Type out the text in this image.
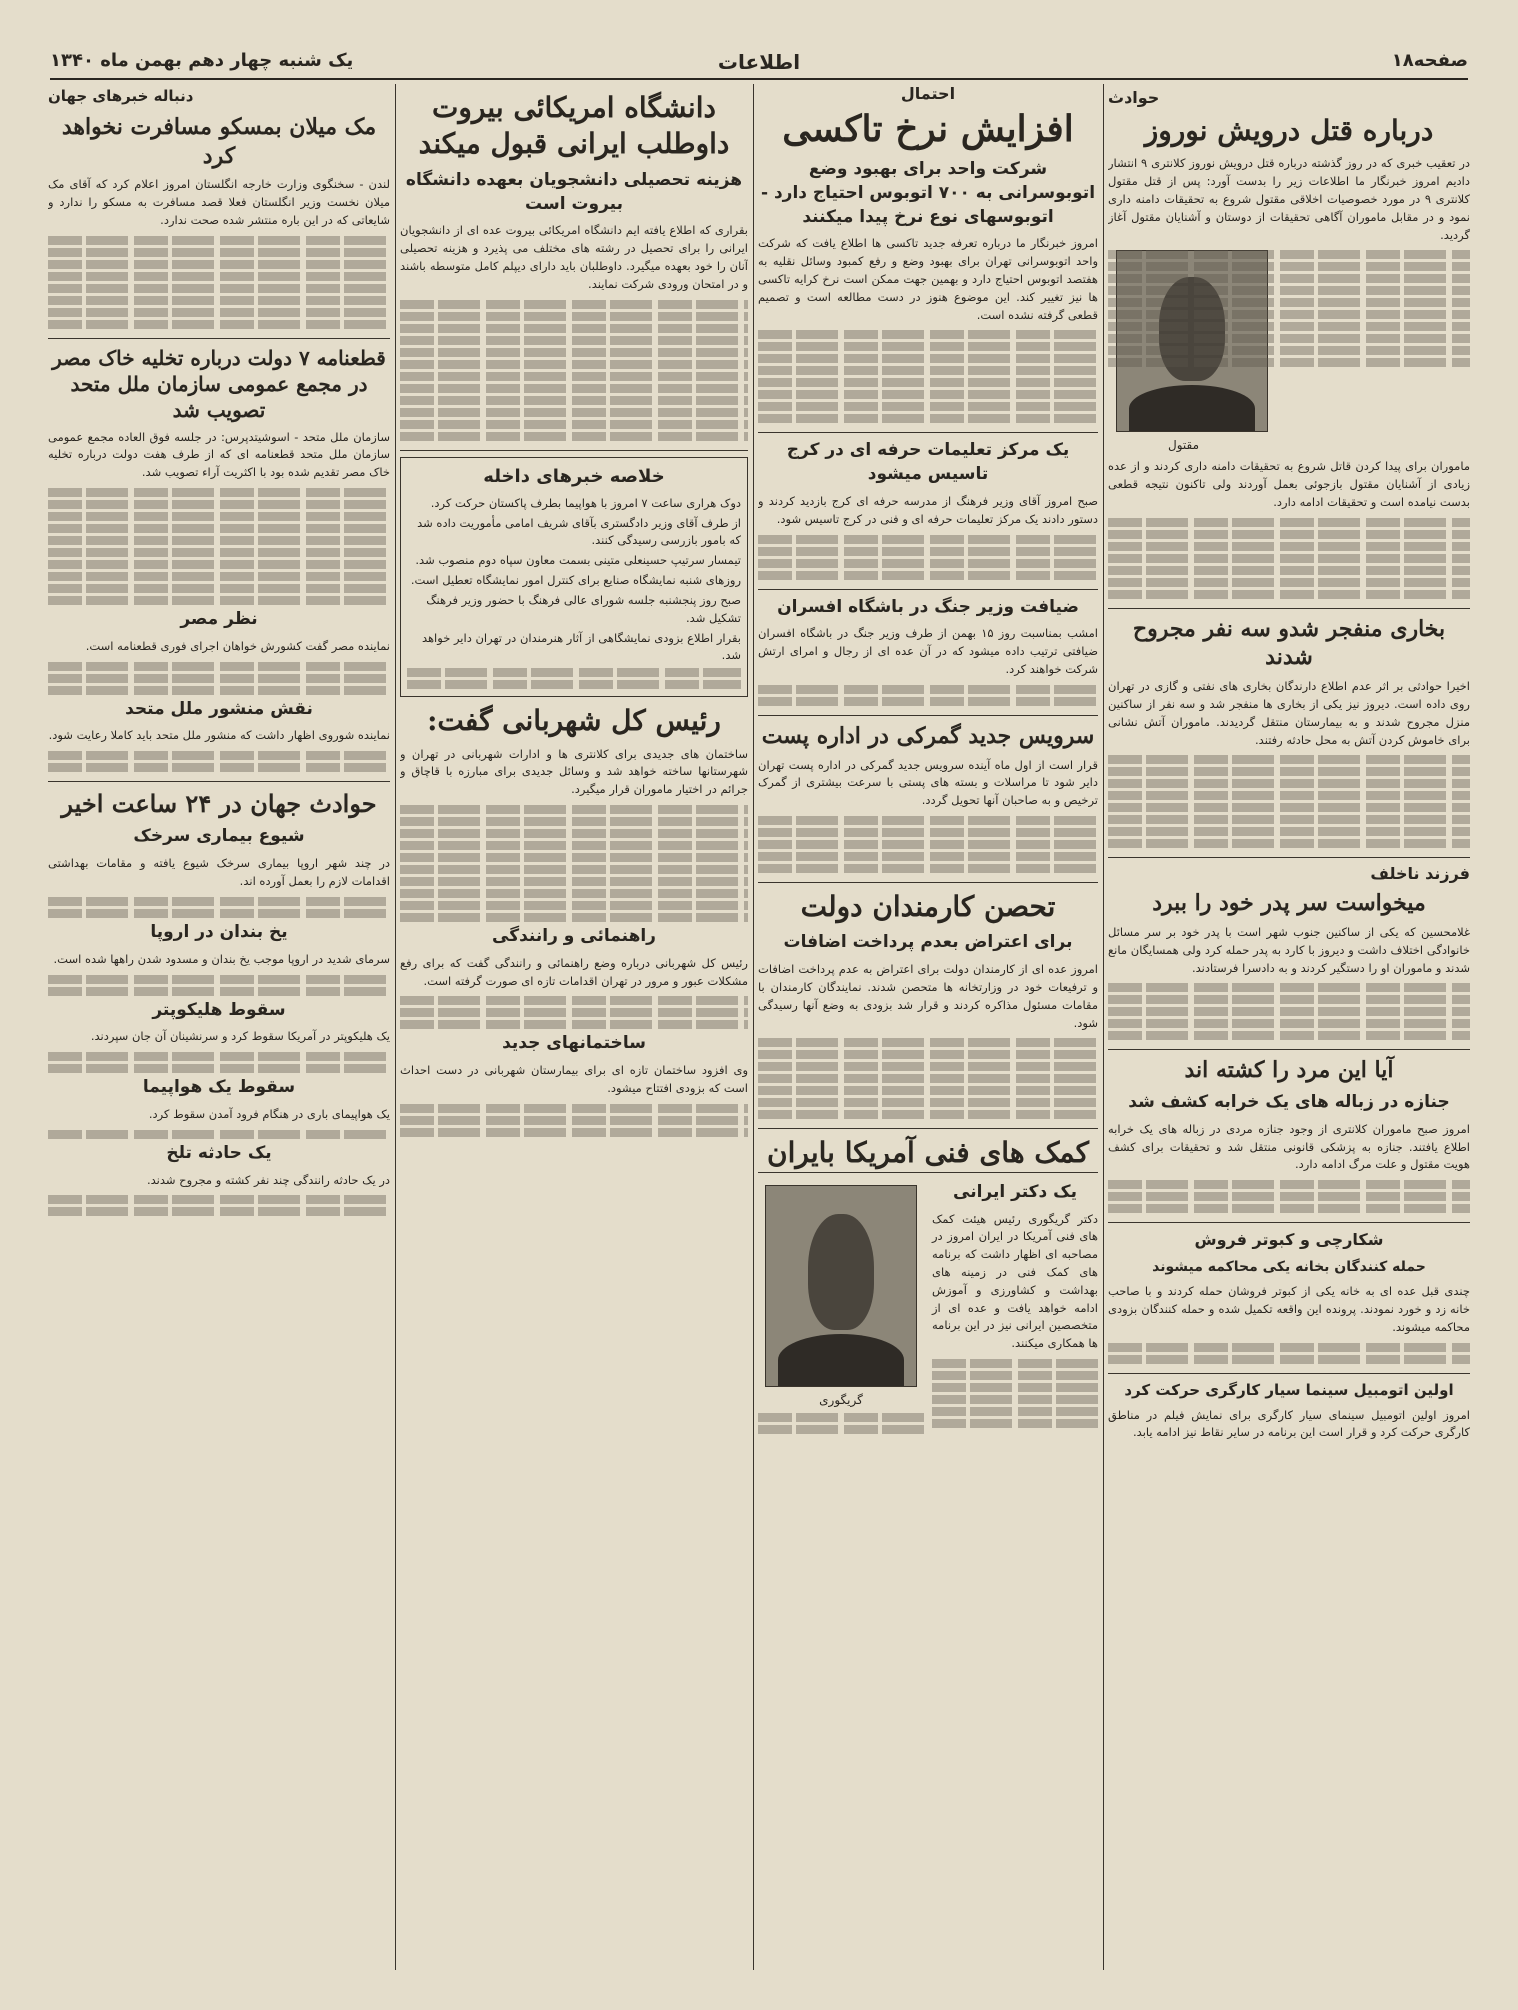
صفحه۱۸
اطلاعات
یک شنبه چهار دهم بهمن ماه ۱۳۴۰
حوادث
درباره قتل درویش نوروز

در تعقیب خبری که در روز گذشته درباره قتل درویش نوروز کلانتری ۹ انتشار دادیم امروز خبرنگار ما اطلاعات زیر را بدست آورد: پس از قتل مقتول کلانتری ۹ در مورد خصوصیات اخلاقی مقتول شروع به تحقیقات دامنه داری نمود و در مقابل ماموران آگاهی تحقیقات از دوستان و آشنایان مقتول آغاز گردید.

مقتول

ماموران برای پیدا کردن قاتل شروع به تحقیقات دامنه داری کردند و از عده زیادی از آشنایان مقتول بازجوئی بعمل آوردند ولی تاکنون نتیجه قطعی بدست نیامده است و تحقیقات ادامه دارد.

بخاری منفجر شدو سه نفر مجروح شدند

اخیرا حوادثی بر اثر عدم اطلاع دارندگان بخاری های نفتی و گازی در تهران روی داده است. دیروز نیز یکی از بخاری ها منفجر شد و سه نفر از ساکنین منزل مجروح شدند و به بیمارستان منتقل گردیدند. ماموران آتش نشانی برای خاموش کردن آتش به محل حادثه رفتند.

فرزند ناخلف
میخواست سر پدر خود را ببرد

غلامحسین که یکی از ساکنین جنوب شهر است با پدر خود بر سر مسائل خانوادگی اختلاف داشت و دیروز با کارد به پدر حمله کرد ولی همسایگان مانع شدند و ماموران او را دستگیر کردند و به دادسرا فرستادند.

آیا این مرد را کشته اند
جنازه در زباله های یک خرابه کشف شد

امروز صبح ماموران کلانتری از وجود جنازه مردی در زباله های یک خرابه اطلاع یافتند. جنازه به پزشکی قانونی منتقل شد و تحقیقات برای کشف هویت مقتول و علت مرگ ادامه دارد.

شکارچی و کبوتر فروش
حمله کنندگان بخانه یکی محاکمه میشوند

چندی قبل عده ای به خانه یکی از کبوتر فروشان حمله کردند و با صاحب خانه زد و خورد نمودند. پرونده این واقعه تکمیل شده و حمله کنندگان بزودی محاکمه میشوند.

اولین اتومبیل سینما سیار کارگری حرکت کرد

امروز اولین اتومبیل سینمای سیار کارگری برای نمایش فیلم در مناطق کارگری حرکت کرد و قرار است این برنامه در سایر نقاط نیز ادامه یابد.

احتمال
افزایش نرخ تاکسی
شرکت واحد برای بهبود وضع اتوبوسرانی به ۷۰۰ اتوبوس احتیاج دارد - اتوبوسهای نوع نرخ پیدا میکنند

امروز خبرنگار ما درباره تعرفه جدید تاکسی ها اطلاع یافت که شرکت واحد اتوبوسرانی تهران برای بهبود وضع و رفع کمبود وسائل نقلیه به هفتصد اتوبوس احتیاج دارد و بهمین جهت ممکن است نرخ کرایه تاکسی ها نیز تغییر کند. این موضوع هنوز در دست مطالعه است و تصمیم قطعی گرفته نشده است.

یک مرکز تعلیمات حرفه ای در کرج تاسیس میشود

صبح امروز آقای وزیر فرهنگ از مدرسه حرفه ای کرج بازدید کردند و دستور دادند یک مرکز تعلیمات حرفه ای و فنی در کرج تاسیس شود.

ضیافت وزیر جنگ در باشگاه افسران

امشب بمناسبت روز ۱۵ بهمن از طرف وزیر جنگ در باشگاه افسران ضیافتی ترتیب داده میشود که در آن عده ای از رجال و امرای ارتش شرکت خواهند کرد.

سرویس جدید گمرکی در اداره پست

قرار است از اول ماه آینده سرویس جدید گمرکی در اداره پست تهران دایر شود تا مراسلات و بسته های پستی با سرعت بیشتری از گمرک ترخیص و به صاحبان آنها تحویل گردد.

تحصن کارمندان دولت
برای اعتراض بعدم پرداخت اضافات

امروز عده ای از کارمندان دولت برای اعتراض به عدم پرداخت اضافات و ترفیعات خود در وزارتخانه ها متحصن شدند. نمایندگان کارمندان با مقامات مسئول مذاکره کردند و قرار شد بزودی به وضع آنها رسیدگی شود.

کمک های فنی آمریکا بایران
یک دکتر ایرانی

دکتر گریگوری رئیس هیئت کمک های فنی آمریکا در ایران امروز در مصاحبه ای اظهار داشت که برنامه های کمک فنی در زمینه های بهداشت و کشاورزی و آموزش ادامه خواهد یافت و عده ای از متخصصین ایرانی نیز در این برنامه ها همکاری میکنند.

گریگوری
دانشگاه امریکائی بیروت داوطلب ایرانی قبول میکند
هزینه تحصیلی دانشجویان بعهده دانشگاه بیروت است

بقراری که اطلاع یافته ایم دانشگاه امریکائی بیروت عده ای از دانشجویان ایرانی را برای تحصیل در رشته های مختلف می پذیرد و هزینه تحصیلی آنان را خود بعهده میگیرد. داوطلبان باید دارای دیپلم کامل متوسطه باشند و در امتحان ورودی شرکت نمایند.

خلاصه خبرهای داخله
دوک هراری ساعت ۷ امروز با هواپیما بطرف پاکستان حرکت کرد.
از طرف آقای وزیر دادگستری بآقای شریف امامی مأموریت داده شد که بامور بازرسی رسیدگی کنند.
تیمسار سرتیپ حسینعلی متینی بسمت معاون سپاه دوم منصوب شد.
روزهای شنبه نمایشگاه صنایع برای کنترل امور نمایشگاه تعطیل است.
صبح روز پنجشنبه جلسه شورای عالی فرهنگ با حضور وزیر فرهنگ تشکیل شد.
بقرار اطلاع بزودی نمایشگاهی از آثار هنرمندان در تهران دایر خواهد شد.
رئیس کل شهربانی گفت:

ساختمان های جدیدی برای کلانتری ها و ادارات شهربانی در تهران و شهرستانها ساخته خواهد شد و وسائل جدیدی برای مبارزه با قاچاق و جرائم در اختیار ماموران قرار میگیرد.

راهنمائی و رانندگی

رئیس کل شهربانی درباره وضع راهنمائی و رانندگی گفت که برای رفع مشکلات عبور و مرور در تهران اقدامات تازه ای صورت گرفته است.

ساختمانهای جدید

وی افزود ساختمان تازه ای برای بیمارستان شهربانی در دست احداث است که بزودی افتتاح میشود.

دنباله خبرهای جهان
مک میلان بمسکو مسافرت نخواهد کرد

لندن - سخنگوی وزارت خارجه انگلستان امروز اعلام کرد که آقای مک میلان نخست وزیر انگلستان فعلا قصد مسافرت به مسکو را ندارد و شایعاتی که در این باره منتشر شده صحت ندارد.

قطعنامه ۷ دولت درباره تخلیه خاک مصر در مجمع عمومی سازمان ملل متحد تصویب شد

سازمان ملل متحد - اسوشیتدپرس: در جلسه فوق العاده مجمع عمومی سازمان ملل متحد قطعنامه ای که از طرف هفت دولت درباره تخلیه خاک مصر تقدیم شده بود با اکثریت آراء تصویب شد.

نظر مصر

نماینده مصر گفت کشورش خواهان اجرای فوری قطعنامه است.

نقش منشور ملل متحد

نماینده شوروی اظهار داشت که منشور ملل متحد باید کاملا رعایت شود.

حوادث جهان در ۲۴ ساعت اخیر
شیوع بیماری سرخک

در چند شهر اروپا بیماری سرخک شیوع یافته و مقامات بهداشتی اقدامات لازم را بعمل آورده اند.

یخ بندان در اروپا

سرمای شدید در اروپا موجب یخ بندان و مسدود شدن راهها شده است.

سقوط هلیکوپتر

یک هلیکوپتر در آمریکا سقوط کرد و سرنشینان آن جان سپردند.

سقوط یک هواپیما

یک هواپیمای باری در هنگام فرود آمدن سقوط کرد.

یک حادثه تلخ

در یک حادثه رانندگی چند نفر کشته و مجروح شدند.
